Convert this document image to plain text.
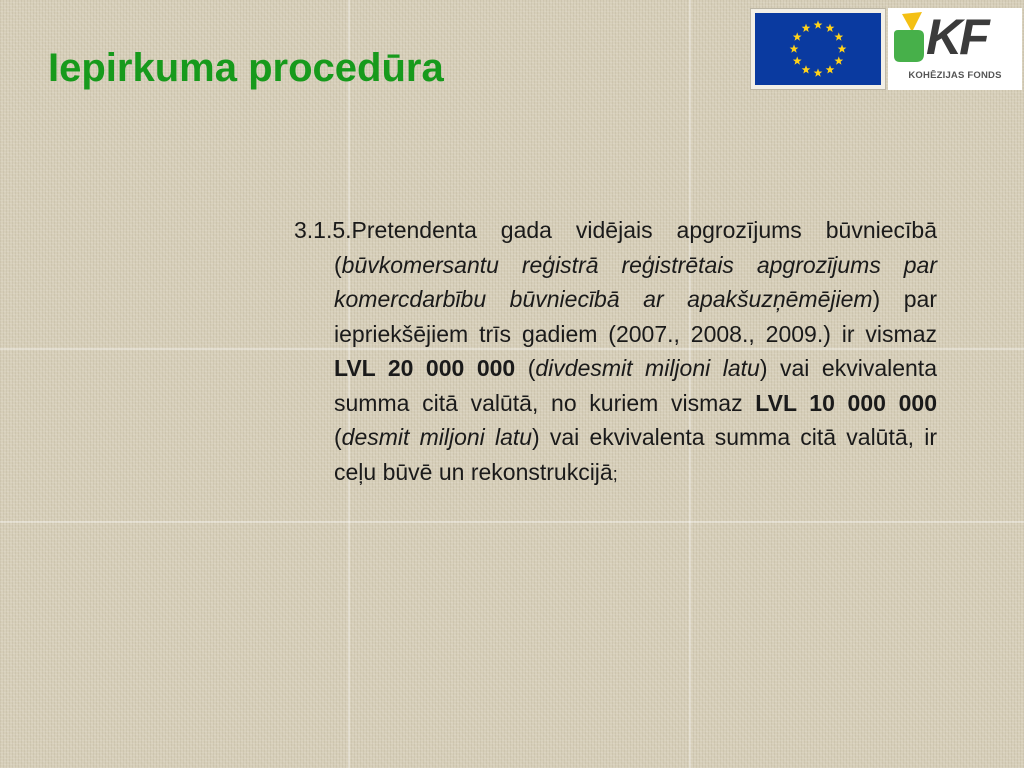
Iepirkuma procedūra
KF
KOHĒZIJAS FONDS

3.1.5.Pretendenta gada vidējais apgrozījums būvniecībā (būvkomersantu reģistrā reģistrētais apgrozījums par komercdarbību būvniecībā ar apakšuzņēmējiem) par iepriekšējiem trīs gadiem (2007., 2008., 2009.) ir vismaz LVL 20 000 000 (divdesmit miljoni latu) vai ekvivalenta summa citā valūtā, no kuriem vismaz LVL 10 000 000 (desmit miljoni latu) vai ekvivalenta summa citā valūtā, ir ceļu būvē un rekonstrukcijā;
